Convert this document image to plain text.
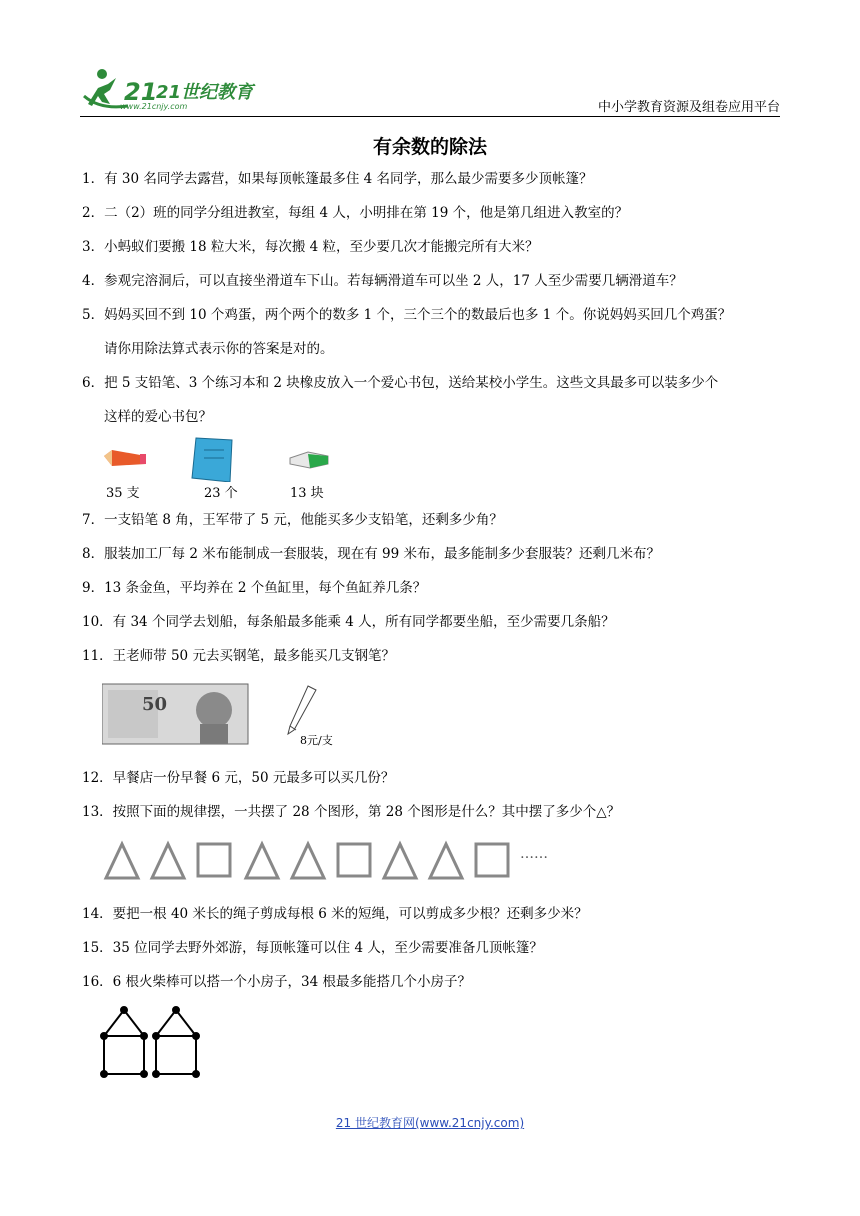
21
21世纪教育
www.21cnjy.com	中小学教育资源及组卷应用平台
有余数的除法
1．有 30 名同学去露营，如果每顶帐篷最多住 4 名同学，那么最少需要多少顶帐篷？
2．二（2）班的同学分组进教室，每组 4 人，小明排在第 19 个，他是第几组进入教室的？
3．小蚂蚁们要搬 18 粒大米，每次搬 4 粒，至少要几次才能搬完所有大米？
4．参观完溶洞后，可以直接坐滑道车下山。若每辆滑道车可以坐 2 人，17 人至少需要几辆滑道车？
5．妈妈买回不到 10 个鸡蛋，两个两个的数多 1 个，三个三个的数最后也多 1 个。你说妈妈买回几个鸡蛋？
请你用除法算式表示你的答案是对的。
6．把 5 支铅笔、3 个练习本和 2 块橡皮放入一个爱心书包，送给某校小学生。这些文具最多可以装多少个
这样的爱心书包？
35 支	23 个	13 块
7．一支铅笔 8 角，王军带了 5 元，他能买多少支铅笔，还剩多少角？
8．服装加工厂每 2 米布能制成一套服装，现在有 99 米布，最多能制多少套服装？还剩几米布？
9．13 条金鱼，平均养在 2 个鱼缸里，每个鱼缸养几条？
10．有 34 个同学去划船，每条船最多能乘 4 人，所有同学都要坐船，至少需要几条船？
11．王老师带 50 元去买钢笔，最多能买几支钢笔？
50
8元/支
12．早餐店一份早餐 6 元，50 元最多可以买几份？
13．按照下面的规律摆，一共摆了 28 个图形，第 28 个图形是什么？其中摆了多少个△？
……
14．要把一根 40 米长的绳子剪成每根 6 米的短绳，可以剪成多少根？还剩多少米？
15．35 位同学去野外郊游，每顶帐篷可以住 4 人，至少需要准备几顶帐篷？
16．6 根火柴棒可以搭一个小房子，34 根最多能搭几个小房子？
21 世纪教育网(www.21cnjy.com)
